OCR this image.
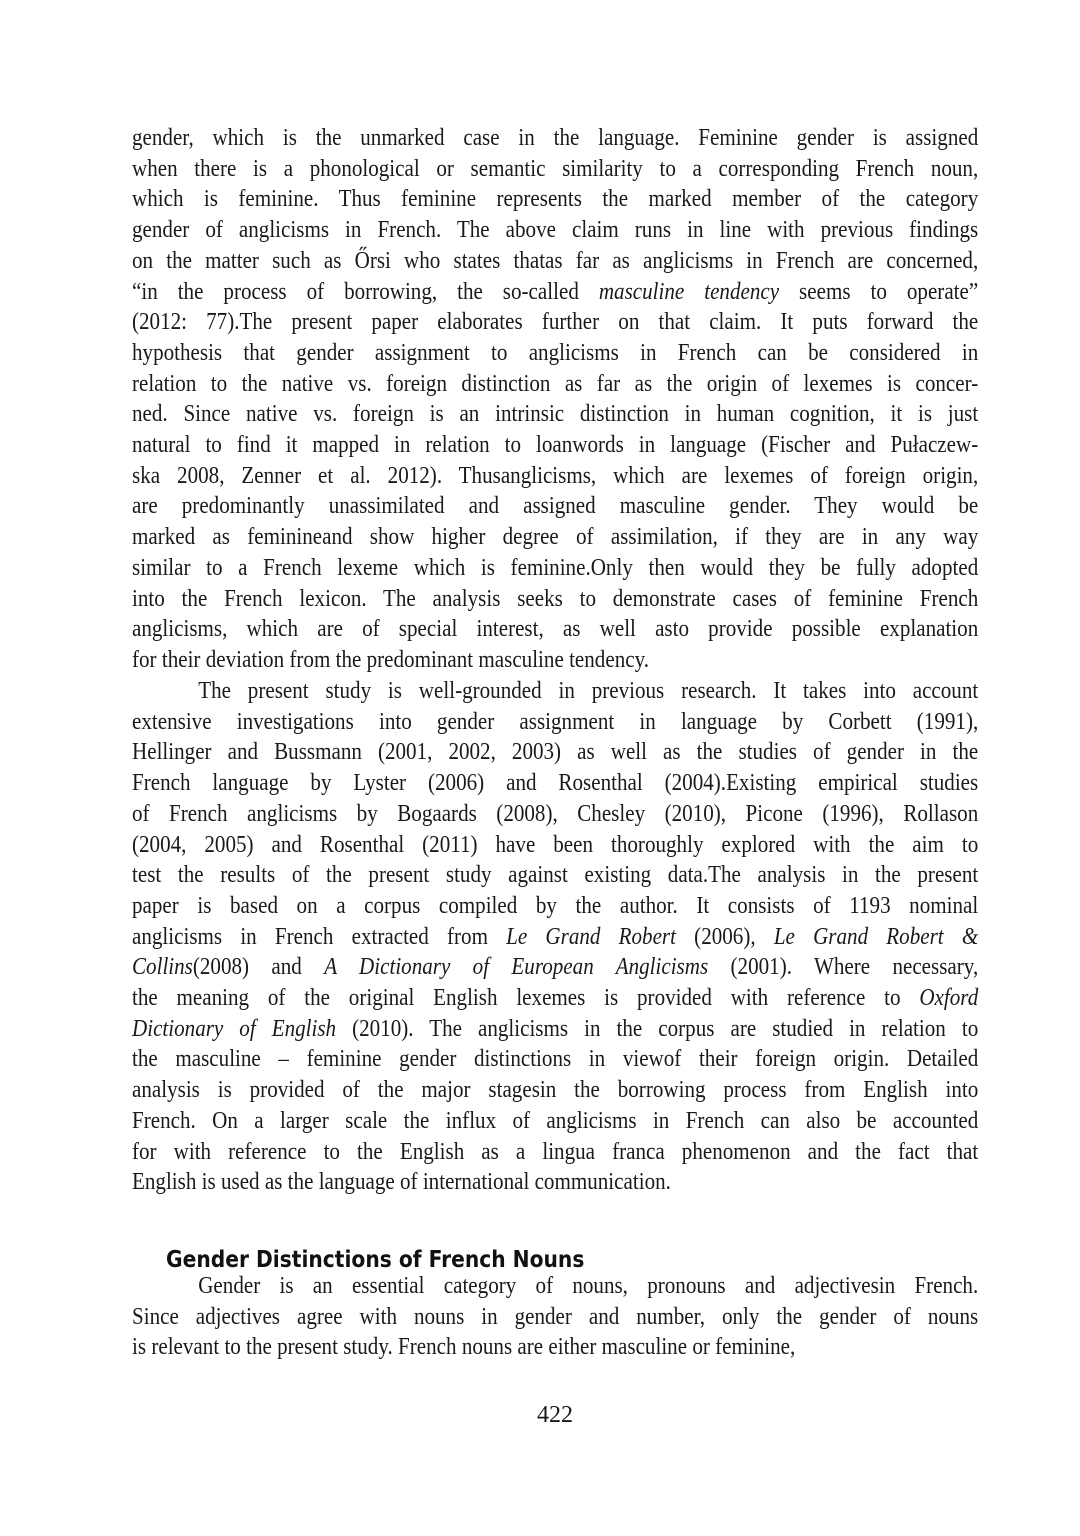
gender, which is the unmarked case in the language. Feminine gender is assigned
when there is a phonological or semantic similarity to a corresponding French noun,
which is feminine. Thus feminine represents the marked member of the category
gender of anglicisms in French. The above claim runs in line with previous findings
on the matter such as Őrsi who states thatas far as anglicisms in French are concerned,
“in the process of borrowing, the so-called masculine tendency seems to operate”
(2012: 77).The present paper elaborates further on that claim. It puts forward the
hypothesis that gender assignment to anglicisms in French can be considered in
relation to the native vs. foreign distinction as far as the origin of lexemes is concer-
ned. Since native vs. foreign is an intrinsic distinction in human cognition, it is just
natural to find it mapped in relation to loanwords in language (Fischer and Pułaczew-
ska 2008, Zenner et al. 2012). Thusanglicisms, which are lexemes of foreign origin,
are predominantly unassimilated and assigned masculine gender. They would be
marked as feminineand show higher degree of assimilation, if they are in any way
similar to a French lexeme which is feminine.Only then would they be fully adopted
into the French lexicon. The analysis seeks to demonstrate cases of feminine French
anglicisms, which are of special interest, as well asto provide possible explanation
for their deviation from the predominant masculine tendency.
The present study is well-grounded in previous research. It takes into account
extensive investigations into gender assignment in language by Corbett (1991),
Hellinger and Bussmann (2001, 2002, 2003) as well as the studies of gender in the
French language by Lyster (2006) and Rosenthal (2004).Existing empirical studies
of French anglicisms by Bogaards (2008), Chesley (2010), Picone (1996), Rollason
(2004, 2005) and Rosenthal (2011) have been thoroughly explored with the aim to
test the results of the present study against existing data.The analysis in the present
paper is based on a corpus compiled by the author. It consists of 1193 nominal
anglicisms in French extracted from Le Grand Robert (2006), Le Grand Robert &
Collins(2008) and A Dictionary of European Anglicisms (2001). Where necessary,
the meaning of the original English lexemes is provided with reference to Oxford
Dictionary of English (2010). The anglicisms in the corpus are studied in relation to
the masculine – feminine gender distinctions in viewof their foreign origin. Detailed
analysis is provided of the major stagesin the borrowing process from English into
French. On a larger scale the influx of anglicisms in French can also be accounted
for with reference to the English as a lingua franca phenomenon and the fact that
English is used as the language of international communication.
Gender Distinctions of French Nouns
Gender is an essential category of nouns, pronouns and adjectivesin French.
Since adjectives agree with nouns in gender and number, only the gender of nouns
is relevant to the present study. French nouns are either masculine or feminine,
422
